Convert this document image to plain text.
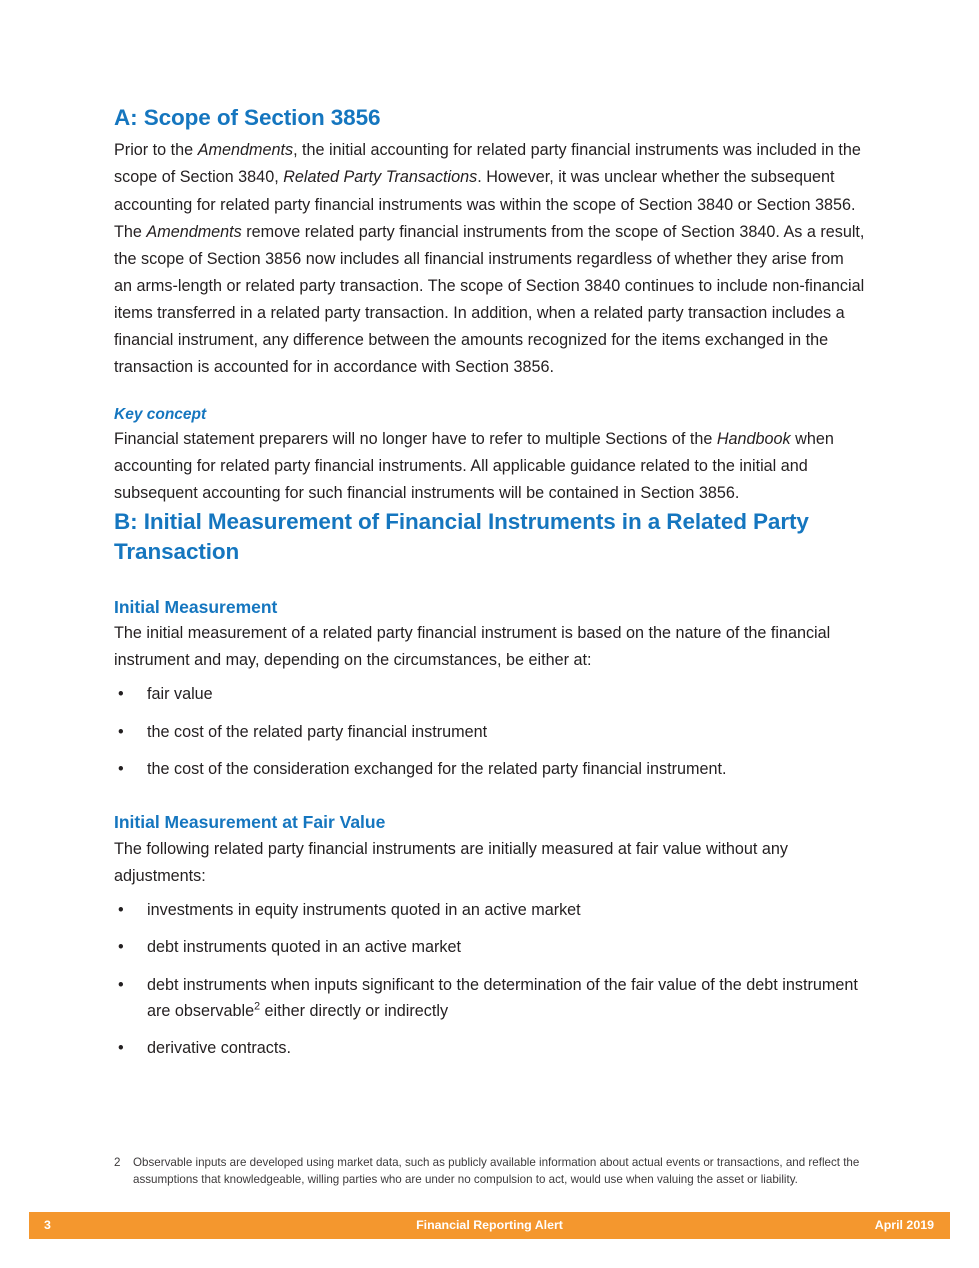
A: Scope of Section 3856

Prior to the Amendments, the initial accounting for related party financial instruments was included in the scope of Section 3840, Related Party Transactions. However, it was unclear whether the subsequent accounting for related party financial instruments was within the scope of Section 3840 or Section 3856.

The Amendments remove related party financial instruments from the scope of Section 3840. As a result, the scope of Section 3856 now includes all financial instruments regardless of whether they arise from an arms-length or related party transaction. The scope of Section 3840 continues to include non-financial items transferred in a related party transaction. In addition, when a related party transaction includes a financial instrument, any difference between the amounts recognized for the items exchanged in the transaction is accounted for in accordance with Section 3856.

Key concept

Financial statement preparers will no longer have to refer to multiple Sections of the Handbook when accounting for related party financial instruments. All applicable guidance related to the initial and subsequent accounting for such financial instruments will be contained in Section 3856.

B: Initial Measurement of Financial Instruments in a Related Party Transaction
Initial Measurement

The initial measurement of a related party financial instrument is based on the nature of the financial instrument and may, depending on the circumstances, be either at:

• fair value
• the cost of the related party financial instrument
• the cost of the consideration exchanged for the related party financial instrument.
Initial Measurement at Fair Value

The following related party financial instruments are initially measured at fair value without any adjustments:

• investments in equity instruments quoted in an active market
• debt instruments quoted in an active market
• debt instruments when inputs significant to the determination of the fair value of the debt instrument are observable$^2$ either directly or indirectly
• derivative contracts.
2 Observable inputs are developed using market data, such as publicly available information about actual events or transactions, and reflect the assumptions that knowledgeable, willing parties who are under no compulsion to act, would use when valuing the asset or liability.
3	Financial Reporting Alert	April 2019
